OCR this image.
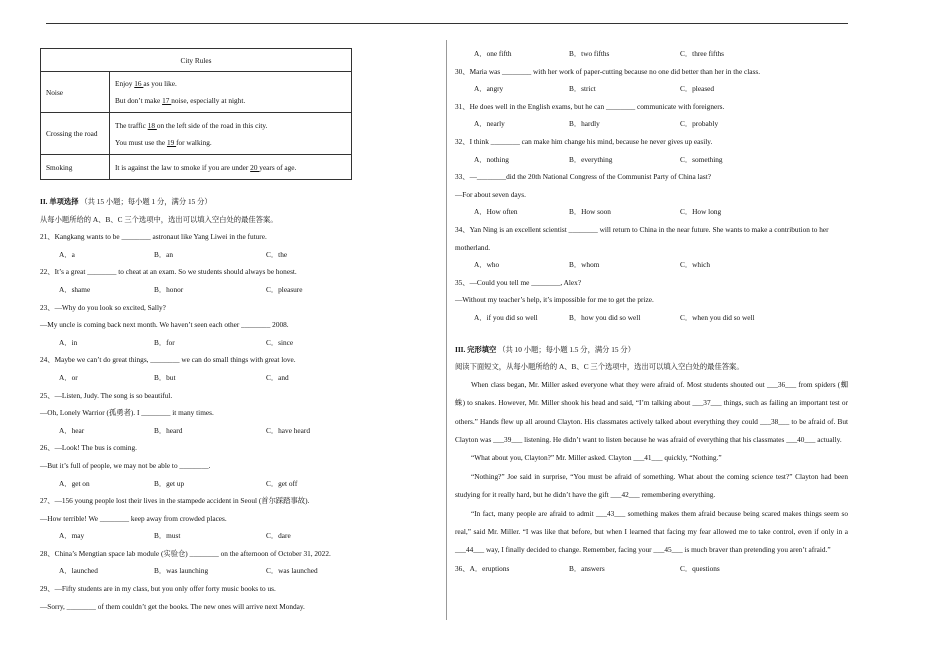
City Rules	
Noise	Enjoy 16 as you like.
But don’t make 17 noise, especially at night.

Crossing the road	The traffic 18 on the left side of the road in this city.
You must use the 19 for walking.

Smoking	It is against the law to smoke if you are under 20 years of age.
II. 单项选择 （共 15 小题；每小题 1 分，满分 15 分）
从每小题所给的 A、B、C 三个选项中，选出可以填入空白处的最佳答案。
21、Kangkang wants to be ________ astronaut like Yang Liwei in the future.
A．a	B．an	C．the
22、It’s a great ________ to cheat at an exam. So we students should always be honest.
A．shame	B．honor	C．pleasure
23、—Why do you look so excited, Sally?
—My uncle is coming back next month. We haven’t seen each other ________ 2008.
A．in	B．for	C．since
24、Maybe we can’t do great things, ________ we can do small things with great love.
A．or	B．but	C．and
25、—Listen, Judy. The song is so beautiful.
—Oh, Lonely Warrior (孤勇者). I ________ it many times.
A．hear	B．heard	C．have heard
26、—Look! The bus is coming.
—But it’s full of people, we may not be able to ________.
A．get on	B．get up	C．get off
27、—156 young people lost their lives in the stampede accident in Seoul (首尔踩踏事故).
—How terrible! We ________ keep away from crowded places.
A．may	B．must	C．dare
28、China’s Mengtian space lab module (实验仓) ________ on the afternoon of October 31, 2022.
A．launched	B．was launching	C．was launched
29、—Fifty students are in my class, but you only offer forty music books to us.
—Sorry, ________ of them couldn’t get the books. The new ones will arrive next Monday.
A．one fifth	B．two fifths	C．three fifths
30、Maria was ________ with her work of paper-cutting because no one did better than her in the class.
A．angry	B．strict	C．pleased
31、He does well in the English exams, but he can ________ communicate with foreigners.
A．nearly	B．hardly	C．probably
32、I think ________ can make him change his mind, because he never gives up easily.
A．nothing	B．everything	C．something
33、—________did the 20th National Congress of the Communist Party of China last?
—For about seven days.
A．How often	B．How soon	C．How long
34、Yan Ning is an excellent scientist ________ will return to China in the near future. She wants to make a contribution to her motherland.
A．who	B．whom	C．which
35、—Could you tell me ________, Alex?
—Without my teacher’s help, it’s impossible for me to get the prize.
A．if you did so well	B．how you did so well	C．when you did so well
III. 完形填空 （共 10 小题；每小题 1.5 分，满分 15 分）
阅读下面短文，从每小题所给的 A、B、C 三个选项中，选出可以填入空白处的最佳答案。
When class began, Mr. Miller asked everyone what they were afraid of. Most students shouted out ___36___ from spiders (蜘蛛) to snakes. However, Mr. Miller shook his head and said, “I’m talking about ___37___ things, such as failing an important test or others.” Hands flew up all around Clayton. His classmates actively talked about everything they could ___38___ to be afraid of. But Clayton was ___39___ listening. He didn’t want to listen because he was afraid of everything that his classmates ___40___ actually.
“What about you, Clayton?” Mr. Miller asked. Clayton ___41___ quickly, “Nothing.”
“Nothing?” Joe said in surprise, “You must be afraid of something. What about the coming science test?” Clayton had been studying for it really hard, but he didn’t have the gift ___42___ remembering everything.
“In fact, many people are afraid to admit ___43___ something makes them afraid because being scared makes things seem so real,” said Mr. Miller. “I was like that before, but when I learned that facing my fear allowed me to take control, even if only in a ___44___ way, I finally decided to change. Remember, facing your ___45___ is much braver than pretending you aren’t afraid.”
36、A．eruptions	B．answers	C．questions
